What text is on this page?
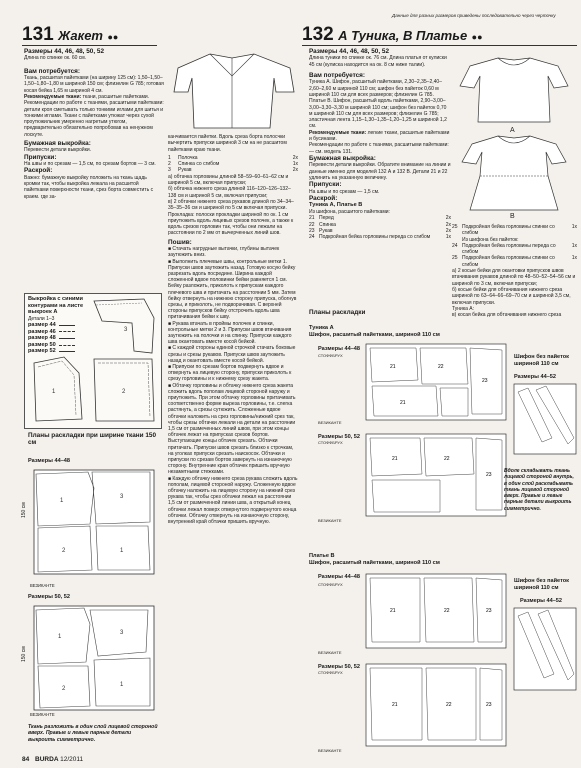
Данные для разных размеров приведены последовательно через черточку
131 Жакет ●●
Размеры 44, 46, 48, 50, 52
Длина по спинке ок. 60 см.
Вам потребуется:
Ткань, расшитая пайетками (на ширину 125 см): 1,50–1,50–1,50–1,80–1,80 м шириной 150 см; флизелин G 785; готовая косая бейка 1,65 м шириной 4 см.
Рекомендуемые ткани: ткани, расшитые пайетками.
Рекомендации по работе с тканями, расшитыми пайетками: детали кроя сметывать только тонкими иглами для шитья и тонкими иглами. Ткани с пайетками утюжат через сухой проутюжильник умеренно нагретым утюгом, предварительно обязательно попробовав на ненужном лоскуте.
Бумажная выкройка:
Перевести детали выкройки.
Припуски:
На швы и по срезам — 1,5 см, по срезам бортов — 3 см.
Раскрой:
Важно: бумажную выкройку положить на ткань щадь кромки так, чтобы выкройка лежала на расшитой пайетками поверхности ткани, срез борта совместить с краем. где за-
Выкройка с синими контурами на листе выкроек А
Детали 1–3
размер 44
размер 46
размер 48
размер 50
размер 52
3
1	2
Планы раскладки при ширине ткани 150 см
Размеры 44–48
1
3
2	1
150 см
ВЕЗИКАНТЕ
Размеры 50, 52
1
3
2
1
150 см
ВЕЗИКАНТЕ
Ткань разложить в один слой лицевой стороной вверх. Правые и левые парные детали выкроить симметрично.
канчивается пайетки. Вдоль среза борта полосчки вычертить припуски шириной 3 см на не расшитом пайетками краю ткани.
1	Полочка	2x
2	Спинка со сгибом	1x
3	Рукав	2x
а) обтачка горловины длиной 58–59–60–61–62 см и шириной 5 см, включая припуски;
б) обтачка нижнего среза длиной 116–120–126–132–138 см и шириной 5 см, включая припуски;
в) 2 обтачки нижнего среза рукавов длиной по 34–34–35–35–36 см и шириной по 5 см включая припуски.
Прокладка: полоски прокладки шириной по ок. 1 см приутюжить вдоль лицевых срезов полочек, а также к вдоль срезов горловин так, чтобы они лежали на расстоянии по 2 мм от вычерченных линий шов.
Пошив:
■ Стачать нагрудные вытачки, глубины вытачек заутюжить вниз.
■ Выполнить плечевые швы, контрольные метки 1. Припуски швов заутюжить назад. Готовую косую бейку разрезать вдоль посредине. Ширина каждой сложенной вдвое половинки бейки равняется 1 см. Бейку разложить, приколоть к припускам каждого плечевого шва и притачать на расстоянии 5 мм. Затем бейку отвернуть на нижнюю сторону припуска, обогнув срезы, и приколоть, не подворачивая. С верхней стороны припусков бейку отстрочить вдоль шва притачивания бейки к шву.
■ Рукава втачать в проймы полочек и спинки, контрольные метки 2 и 3. Припуски швов втачивания заутюжить на полочки и на спинку. Припуски каждого шва окантовать вместе косой бейкой.
■ С каждой стороны единой строчкой стачать боковые срезы и срезы рукавов. Припуски швов заутюжить назад и окантовать вместе косой бейкой.
■ Припуски по срезам бортов подвернуть вдвое и отвернуть на лицевую сторону, припуски приколоть к срезу горловины и к нижнему срезу жакета.
■ Обтачку горловины и обтачку нижнего среза жакета сложить вдоль пополам лицевой стороной наружу и приутюжить. При этом обтачку горловины притачивать соответственно форме выреза горловины, т.е. слегка растянуть, а срезы сутюжить. Сложенные вдвое обтачки наложить на срез горловины/нижний срез так, чтобы срезы обтачки лежали на детали на расстоянии 1,5 см от размеченных линий швов, при этом концы обтачек лежат на припусках срезов бортов. Выступающие концы обтачек срезать. Обтачки притачать. Припуски швов срезать близко к строчкам, на уголках припуски срезать наискосок. Обтачки и припуски по срезам бортов завернуть на изнаночную сторону. Внутренние края обтачек пришить вручную незаметными стежками.
■ Каждую обтачку нижнего среза рукава сложить вдоль пополам, лицевой стороной наружу. Сложенную вдвое обтачку наложить на лицевую сторону на нижний срез рукава так, чтобы срез обтачки лежал на расстоянии 1,5 см от размеченной линии шва, а открытый конец обтачки лежал поверх отвернутого подвернутого конца обтачки. Обтачку отвернуть на изнаночную сторону, внутренний край обтачки пришить вручную.
132 А Туника, В Платье ●●
Размеры 44, 46, 48, 50, 52
Длина туники по спинке ок. 76 см. Длина платья от кулиски 45 см (кулиска находится на ок. 8 см ниже талии).
Вам потребуется:
Туника А. Шифон, расшитый пайетками, 2,30–2,35–2,40–2,60–2,60 м шириной 110 см; шифон без пайеток 0,60 м шириной 110 см для всех размеров; флизелин G 785.
Платье В. Шифон, расшитый вдоль пайетками, 2,90–3,00–3,00–3,30–3,30 м шириной 110 см; шифон без пайеток 0,70 м шириной 110 см для всех размеров; флизелин G 785; эластичная лента 1,15–1,30–1,35–1,20–1,25 м шириной 1,2 см.
Рекомендуемые ткани: легкие ткани, расшитые пайетками и бусинами.
Рекомендации по работе с тканями, расшитыми пайетками: — см. модель 131.
Бумажная выкройка:
Перевести детали выкройки. Обратите внимание на линии и данные именно для моделей 132 А и 132 В. Детали 21 и 22 удлинить на указанную величину.
Припуски:
На швы и по срезам — 1,5 см.
Раскрой:
Туника А, Платье В
Из шифона, расшитого пайетками:
21 Перед	2x
22 Спинка	2x
23 Рукав	2x
24 Подкройная бейка горловины переда со сгибом	1x
A
B
25 Подкройная бейка горловины спинки со сгибом
1x
Из шифона без пайеток:
24 Подкройная бейка горловины переда со сгибом
1x
25 Подкройная бейка горловины спинки со сгибом
1x
а) 2 косые бейки для окантовки припусков швов втачивания рукавов длиной по 48–50–52–54–56 см и шириной по 3 см, включая припуски;
б) косые бейки для обтачивания нижнего среза шириной по 63–64–66–69–70 см и шириной 3,5 см, включая припуски.
Туника А:
в) косая бейка для обтачивания нижнего среза
Планы раскладки
Туника А
Шифон, расшитый пайетками, шириной 110 см
Размеры 44–48
21	22
23
21
СТОФФБРУХ
ВЕЗИКАНТЕ
Размеры 50, 52
21	22
23
СТОФФБРУХ
ВЕЗИКАНТЕ
Шифон без пайеток шириной 110 см
Размеры 44–52
Вдоле складывать ткань лицевой стороной внутрь, в один слой раскладывать ткань лицевой стороной вверх. Правые и левые парные детали выкроить симметрично.
Платье В
Шифон, расшитый пайетками, шириной 110 см
Размеры 44–48
21	22	23
СТОФФБРУХ
ВЕЗИКАНТЕ
Размеры 50, 52
21	22	23
СТОФФБРУХ
ВЕЗИКАНТЕ
Шифон без пайеток шириной 110 см
Размеры 44–52
84 BURDA 12/2011
